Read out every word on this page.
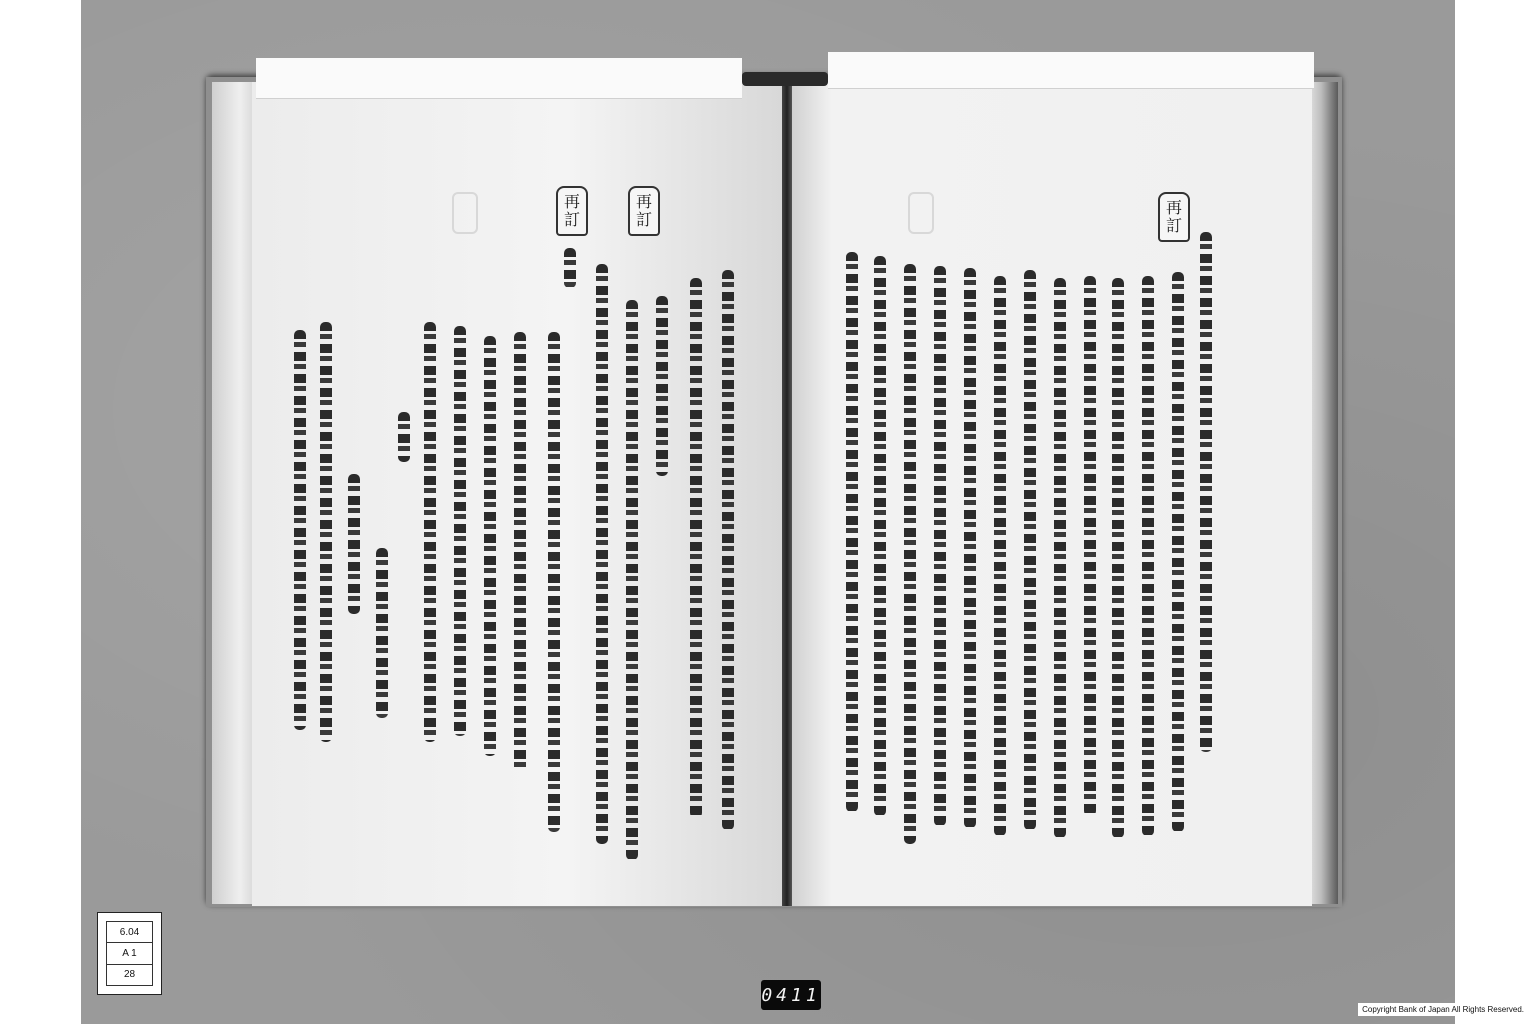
再
訂
再
訂
再
訂
6.04
A 1
28
0411
Copyright Bank of Japan All Rights Reserved.
